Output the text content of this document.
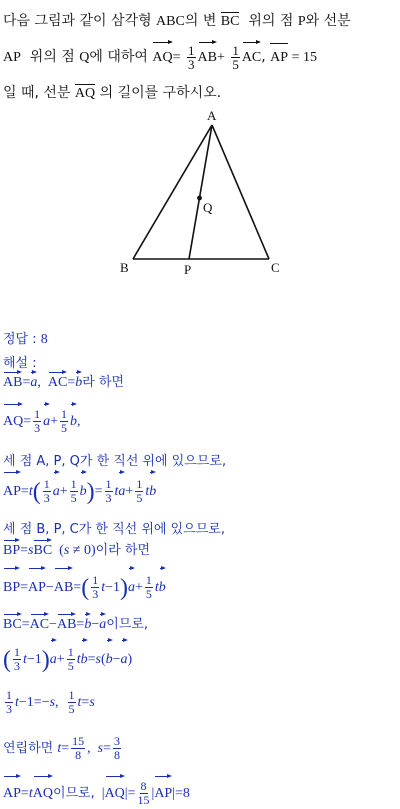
다음 그림과 같이 삼각형 ABC의 변 BC  위의 점 P와 선분
AP  위의 점 Q에 대하여 $AQ= \frac{1}{3} AB+ \frac{1}{5}$ AC, AP = 15
일 때, 선분 AQ 의 길이를 구하시오.
A
Q
B	P	C
정답 : 8
해설 :
AB=a,  AC=b라 하면
$AQ= \frac{1}{3} a+ \frac{1}{5} b$,
세 점 A, P, Q가 한 직선 위에 있으므로,
$AP=t( \frac{1}{3} a+ \frac{1}{5} b)= \frac{1}{3} ta+ \frac{1}{5}$ tb
세 점 B, P, C가 한 직선 위에 있으므로,
BP=sBC  (s ≠ 0)이라 하면
$BP=AP-AB=( \frac{1}{3} t-1)a+ \frac{1}{5}$ tb
BC=AC−AB=b−a이므로,
( $\frac{1}{3} t-1)a+ \frac{1}{5} tb=s(b-a)$
$\frac{1}{3} t-1=-s$, $\frac{1}{5} t=s$
연립하면 $t= \frac{15}{8}$ ,  $s= \frac{3}{8}$
AP=tAQ이므로,  $|AQ|= \frac{8}{15} |AP|=8$
